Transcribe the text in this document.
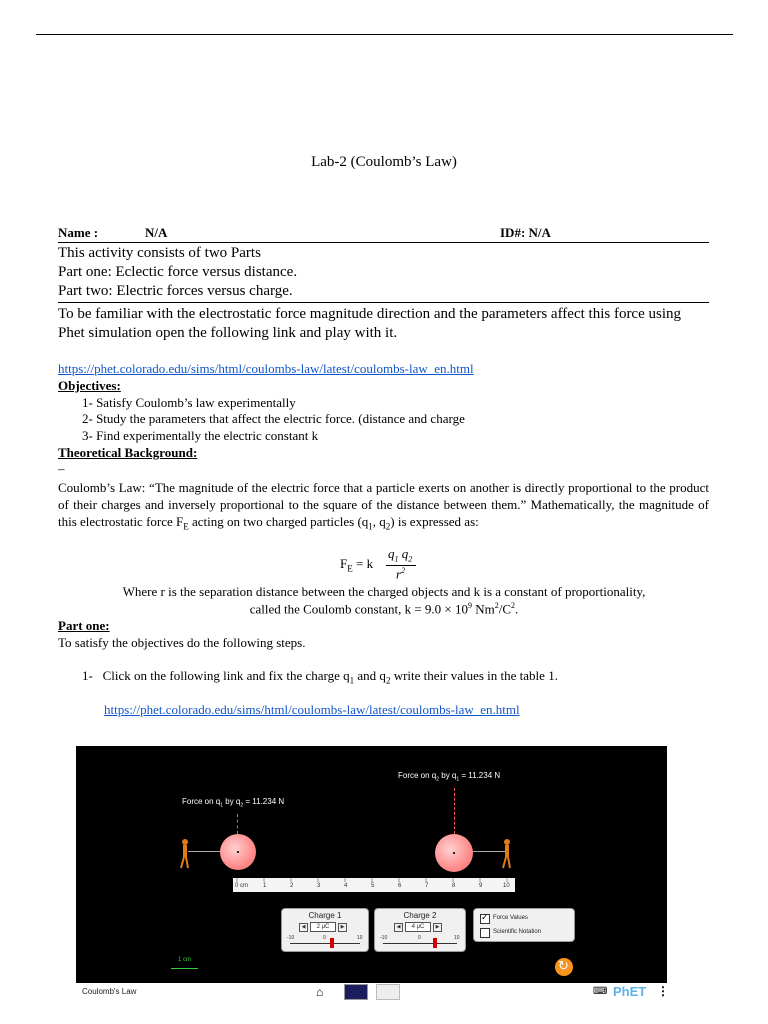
Lab-2 (Coulomb’s Law)
Name :	N/A	ID#: N/A
This activity consists of two Parts
Part one: Eclectic force versus distance.
Part two: Electric forces versus charge.
To be familiar with the electrostatic force magnitude direction and the parameters affect this force using Phet simulation open the following link and play with it.
https://phet.colorado.edu/sims/html/coulombs-law/latest/coulombs-law_en.html
Objectives:
1- Satisfy Coulomb’s law experimentally
2- Study the parameters that affect the electric force. (distance and charge
3- Find experimentally the electric constant k
Theoretical Background:
–
Coulomb’s Law: “The magnitude of the electric force that a particle exerts on another is directly proportional to the product of their charges and inversely proportional to the square of the distance between them.” Mathematically, the magnitude of this electrostatic force $F_E$ acting on two charged particles ($q_1$, $q_2$) is expressed as:
$F_E = k$
$q_1$ $q_2$
$r^2$
Where r is the separation distance between the charged objects and k is a constant of proportionality,
called the Coulomb constant, $k = 9.0 \times 10^9$ $Nm^2/C^2$.
Part one:
To satisfy the objectives do the following steps.
1-   Click on the following link and fix the charge $q_1$ and $q_2$ write their values in the table 1.
https://phet.colorado.edu/sims/html/coulombs-law/latest/coulombs-law_en.html
Force on $q_2$ by $q_1 = 11.234$ N
Force on $q_1$ by $q_2 = 11.234$ N
0 cm 1	2	3	4	5	6	7	8	9	10
Charge 1
◀	2 μC	▶
-10	0	10
Charge 2
◀	4 μC	▶
-10	0	10
✓ Force Values
Scientific Notation
1 cm	↻
Coulomb's Law	⌂	⌨ PhET ⋮
